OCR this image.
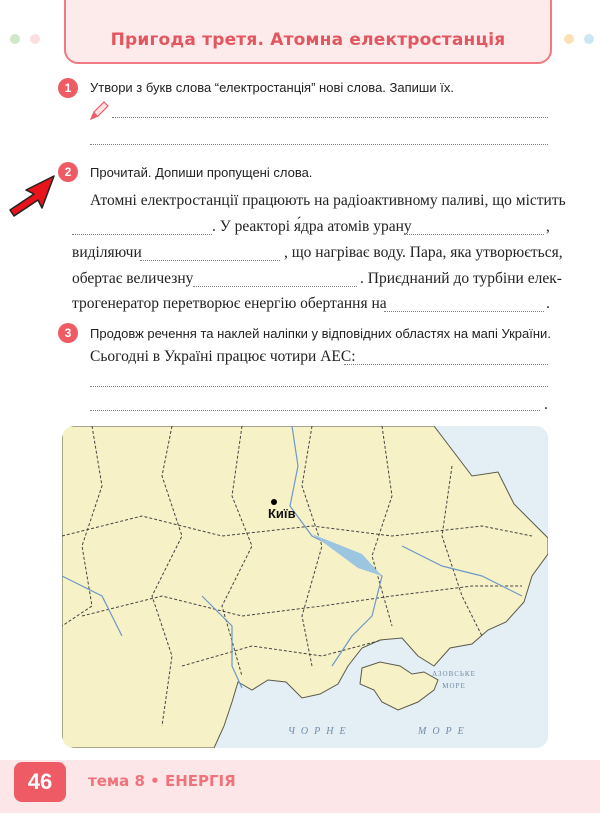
Пригода третя. Атомна електростанція
1	Утвори з букв слова “електростанція” нові слова. Запиши їх.
2	Прочитай. Допиши пропущені слова.
Атомні електростанції працюють на радіоактивному паливі, що містить
. У реакторі я́дра атомів урану	,
виділяючи	, що нагріває воду. Пара, яка утворюється,
обертає величезну	. Приєднаний до турбіни елек-
трогенератор перетворює енергію обертання на	.
3	Продовж речення та наклей наліпки у відповідних областях на мапі України.
Сьогодні в Україні працює чотири АЕС:
.
Київ
АЗОВСЬКЕ
МОРЕ
ЧОРНЕ	МОРЕ
46	тема 8 • ЕНЕРГІЯ
